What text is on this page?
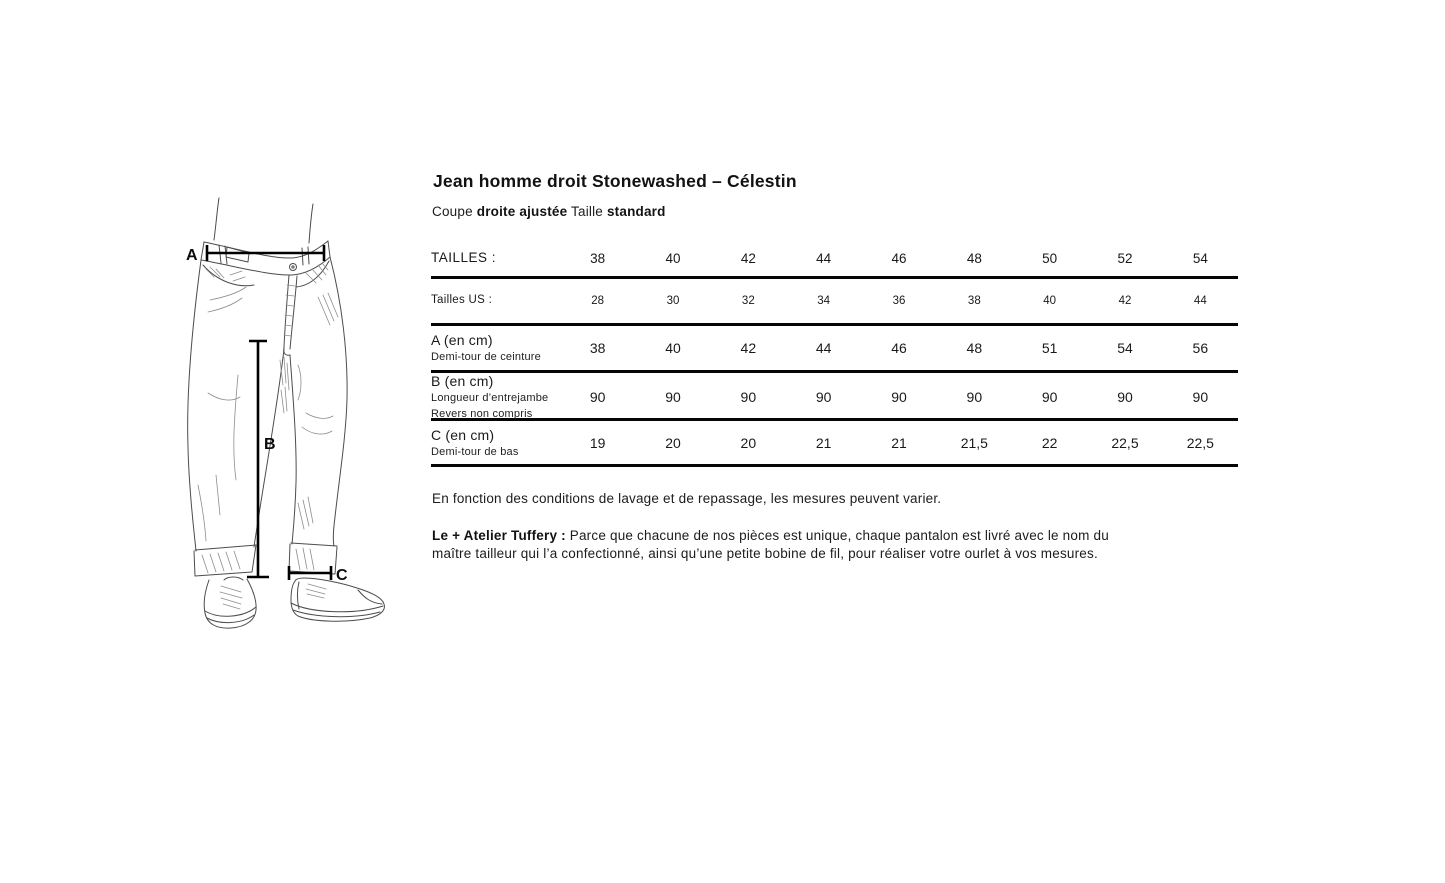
A
B
C
Jean homme droit Stonewashed – Célestin

Coupe droite ajustée Taille standard

TAILLES :	38	40	42	44	46	48	50	52	54
Tailles US :	28	30	32	34	36	38	40	42	44
A (en cm)
Demi-tour de ceinture
38	40	42	44	46	48	51	54	56
B (en cm)
Longueur d’entrejambe
Revers non compris
90	90	90	90	90	90	90	90	90
C (en cm)
Demi-tour de bas
19	20	20	21	21	21,5	22	22,5	22,5

En fonction des conditions de lavage et de repassage, les mesures peuvent varier.

Le + Atelier Tuffery : Parce que chacune de nos pièces est unique, chaque pantalon est livré avec le nom du maître tailleur qui l’a confectionné, ainsi qu’une petite bobine de fil, pour réaliser votre ourlet à vos mesures.
